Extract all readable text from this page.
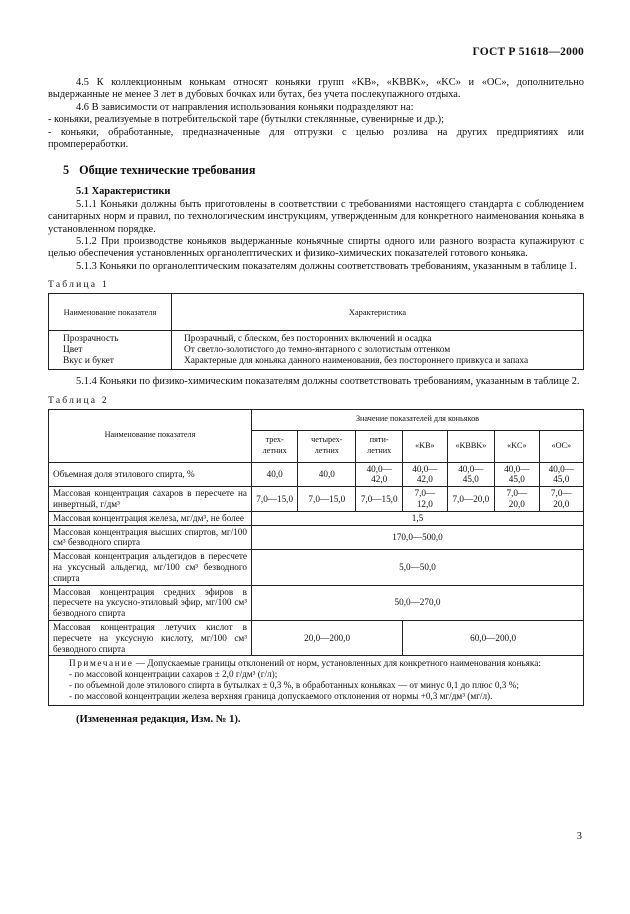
ГОСТ Р 51618—2000

4.5 К коллекционным конькам относят коньяки групп «KB», «KBBK», «KC» и «OC», дополнительно выдержанные не менее 3 лет в дубовых бочках или бутах, без учета послекупажного отдыха.

4.6 В зависимости от направления использования коньяки подразделяют на:

- коньяки, реализуемые в потребительской таре (бутылки стеклянные, сувенирные и др.);

- коньяки, обработанные, предназначенные для отгрузки с целью розлива на других предприятиях или промпереработки.

5 Общие технические требования
5.1 Характеристики

5.1.1 Коньяки должны быть приготовлены в соответствии с требованиями настоящего стандарта с соблюдением санитарных норм и правил, по технологическим инструкциям, утвержденным для конкретного наименования коньяка в установленном порядке.

5.1.2 При производстве коньяков выдержанные коньячные спирты одного или разного возраста купажируют с целью обеспечения установленных органолептических и физико-химических показателей готового коньяка.

5.1.3 Коньяки по органолептическим показателям должны соответствовать требованиям, указанным в таблице 1.

Таблица 1
Наименование показателя	Характеристика
Прозрачность	Прозрачный, с блеском, без посторонних включений и осадка
Цвет	От светло-золотистого до темно-янтарного с золотистым оттенком
Вкус и букет	Характерные для коньяка данного наименования, без постороннего привкуса и запаха

5.1.4 Коньяки по физико-химическим показателям должны соответствовать требованиям, указанным в таблице 2.

Таблица 2
Наименование показателя	Значение показателей для коньяков						
	трех-летних	четырех-летних	пяти-летних	«KB»	«KBBK»	«KC»	«OC»
Объемная доля этилового спирта, %	40,0	40,0	40,0—42,0	40,0—42,0	40,0—45,0	40,0—45,0	40,0—45,0
Массовая концентрация сахаров в пересчете на инвертный, г/дм³	7,0—15,0	7,0—15,0	7,0—15,0	7,0—12,0	7,0—20,0	7,0—20,0	7,0—20,0
Массовая концентрация железа, мг/дм³, не более	1,5						
Массовая концентрация высших спиртов, мг/100 см³ безводного спирта	170,0—500,0						
Массовая концентрация альдегидов в пересчете на уксусный альдегид, мг/100 см³ безводного спирта	5,0—50,0						
Массовая концентрация средних эфиров в пересчете на уксусно-этиловый эфир, мг/100 см³ безводного спирта	50,0—270,0						
Массовая концентрация летучих кислот в пересчете на уксусную кислоту, мг/100 см³ безводного спирта	20,0—200,0			60,0—200,0			

Примечание — Допускаемые границы отклонений от норм, установленных для конкретного наименования коньяка:
- по массовой концентрации сахаров ± 2,0 г/дм³ (г/л);
- по объемной доле этилового спирта в бутылках ± 0,3 %, в обработанных коньяках — от минус 0,1 до плюс 0,3 %;
- по массовой концентрации железа верхняя граница допускаемого отклонения от нормы +0,3 мг/дм³ (мг/л).							
(Измененная редакция, Изм. № 1).
3
